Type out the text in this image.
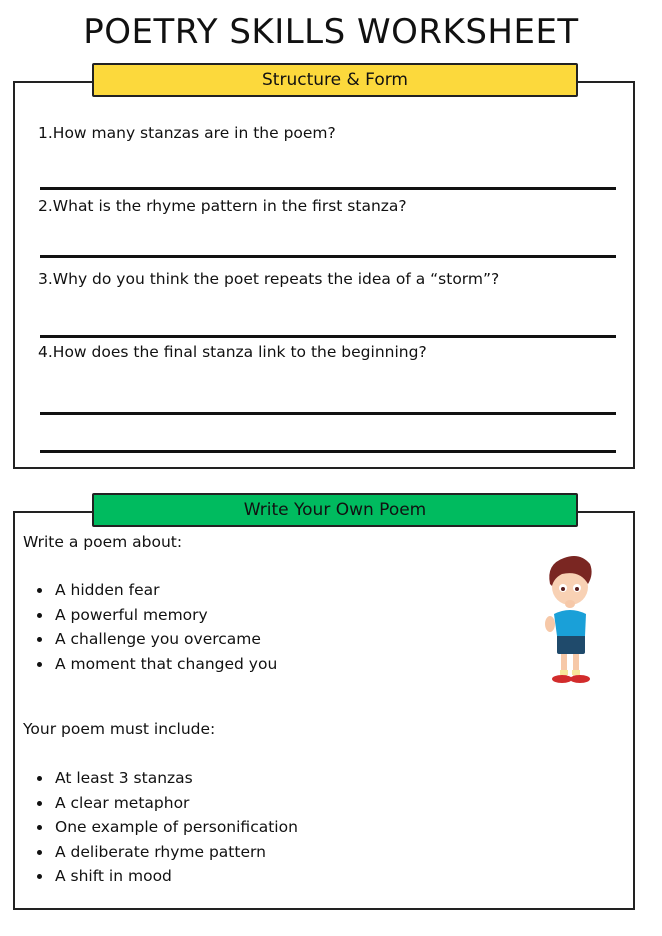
POETRY SKILLS WORKSHEET
Structure & Form
1.How many stanzas are in the poem?
2.What is the rhyme pattern in the first stanza?
3.Why do you think the poet repeats the idea of a “storm”?
4.How does the final stanza link to the beginning?
Write Your Own Poem
Write a poem about:
• A hidden fear
• A powerful memory
• A challenge you overcame
• A moment that changed you
Your poem must include:
• At least 3 stanzas
• A clear metaphor
• One example of personification
• A deliberate rhyme pattern
• A shift in mood
